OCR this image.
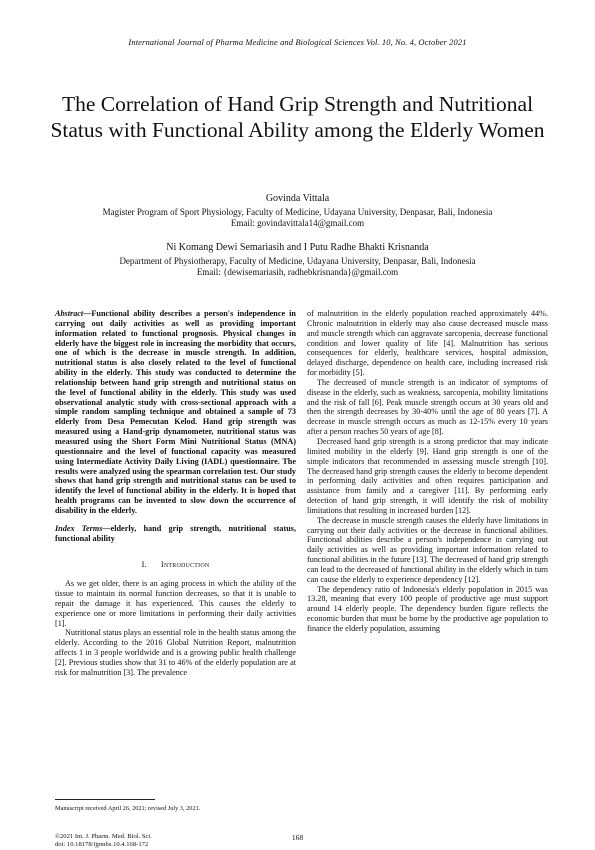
International Journal of Pharma Medicine and Biological Sciences Vol. 10, No. 4, October 2021
The Correlation of Hand Grip Strength and Nutritional Status with Functional Ability among the Elderly Women
Govinda Vittala
Magister Program of Sport Physiology, Faculty of Medicine, Udayana University, Denpasar, Bali, Indonesia
Email: govindavittala14@gmail.com
Ni Komang Dewi Semariasih and I Putu Radhe Bhakti Krisnanda
Department of Physiotherapy, Faculty of Medicine, Udayana University, Denpasar, Bali, Indonesia
Email: {dewisemariasih, radhebkrisnanda}@gmail.com

Abstract—Functional ability describes a person's independence in carrying out daily activities as well as providing important information related to functional prognosis. Physical changes in elderly have the biggest role in increasing the morbidity that occurs, one of which is the decrease in muscle strength. In addition, nutritional status is also closely related to the level of functional ability in the elderly. This study was conducted to determine the relationship between hand grip strength and nutritional status on the level of functional ability in the elderly. This study was used observational analytic study with cross-sectional approach with a simple random sampling technique and obtained a sample of 73 elderly from Desa Pemecutan Kelod. Hand grip strength was measured using a Hand-grip dynamometer, nutritional status was measured using the Short Form Mini Nutritional Status (MNA) questionnaire and the level of functional capacity was measured using Intermediate Activity Daily Living (IADL) questionnaire. The results were analyzed using the spearman correlation test. Our study shows that hand grip strength and nutritional status can be used to identify the level of functional ability in the elderly. It is hoped that health programs can be invented to slow down the occurrence of disability in the elderly.

Index Terms—elderly, hand grip strength, nutritional status, functional ability

I. Introduction

As we get older, there is an aging process in which the ability of the tissue to maintain its normal function decreases, so that it is unable to repair the damage it has experienced. This causes the elderly to experience one or more limitations in performing their daily activities [1].

Nutritional status plays an essential role in the health status among the elderly. According to the 2016 Global Nutrition Report, malnutrition affects 1 in 3 people worldwide and is a growing public health challenge [2]. Previous studies show that 31 to 46% of the elderly population are at risk for malnutrition [3]. The prevalence

of malnutrition in the elderly population reached approximately 44%. Chronic malnutrition in elderly may also cause decreased muscle mass and muscle strength which can aggravate sarcopenia, decrease functional condition and lower quality of life [4]. Malnutrition has serious consequences for elderly, healthcare services, hospital admission, delayed discharge, dependence on health care, including increased risk for morbidity [5].

The decreased of muscle strength is an indicator of symptoms of disease in the elderly, such as weakness, sarcopenia, mobility limitations and the risk of fall [6]. Peak muscle strength occurs at 30 years old and then the strength decreases by 30-40% until the age of 80 years [7]. A decrease in muscle strength occurs as much as 12-15% every 10 years after a person reaches 50 years of age [8].

Decreased hand grip strength is a strong predictor that may indicate limited mobility in the elderly [9]. Hand grip strength is one of the simple indicators that recommended in assessing muscle strength [10]. The decreased hand grip strength causes the elderly to become dependent in performing daily activities and often requires participation and assistance from family and a caregiver [11]. By performing early detection of hand grip strength, it will identify the risk of mobility limitations that resulting in increased burden [12].

The decrease in muscle strength causes the elderly have limitations in carrying out their daily activities or the decrease in functional abilities. Functional abilities describe a person's independence in carrying out daily activities as well as providing important information related to functional abilities in the future [13]. The decreased of hand grip strength can lead to the decreased of functional ability in the elderly which in turn can cause the elderly to experience dependency [12].

The dependency ratio of Indonesia's elderly population in 2015 was 13.28, meaning that every 100 people of productive age must support around 14 elderly people. The dependency burden figure reflects the economic burden that must be borne by the productive age population to finance the elderly population, assuming

Manuscript received April 26, 2021; revised July 3, 2021.
©2021 Int. J. Pharm. Med. Biol. Sci.
doi: 10.18178/ijpmbs.10.4.168-172
168
